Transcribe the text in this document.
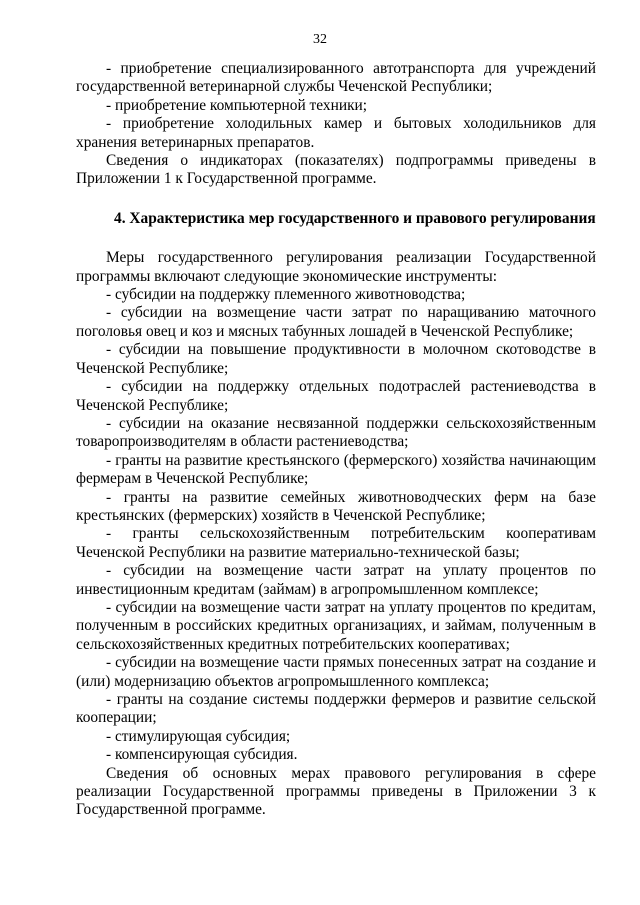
32

- приобретение специализированного автотранспорта для учреждений государственной ветеринарной службы Чеченской Республики;

- приобретение компьютерной техники;

- приобретение холодильных камер и бытовых холодильников для хранения ветеринарных препаратов.

Сведения о индикаторах (показателях) подпрограммы приведены в Приложении 1 к Государственной программе.

4. Характеристика мер государственного и правового регулирования

Меры государственного регулирования реализации Государственной программы включают следующие экономические инструменты:

- субсидии на поддержку племенного животноводства;

- субсидии на возмещение части затрат по наращиванию маточного поголовья овец и коз и мясных табунных лошадей в Чеченской Республике;

- субсидии на повышение продуктивности в молочном скотоводстве в Чеченской Республике;

- субсидии на поддержку отдельных подотраслей растениеводства в Чеченской Республике;

- субсидии на оказание несвязанной поддержки сельскохозяйственным товаропроизводителям в области растениеводства;

- гранты на развитие крестьянского (фермерского) хозяйства начинающим фермерам в Чеченской Республике;

- гранты на развитие семейных животноводческих ферм на базе крестьянских (фермерских) хозяйств в Чеченской Республике;

- гранты сельскохозяйственным потребительским кооперативам Чеченской Республики на развитие материально-технической базы;

- субсидии на возмещение части затрат на уплату процентов по инвестиционным кредитам (займам) в агропромышленном комплексе;

- субсидии на возмещение части затрат на уплату процентов по кредитам, полученным в российских кредитных организациях, и займам, полученным в сельскохозяйственных кредитных потребительских кооперативах;

- субсидии на возмещение части прямых понесенных затрат на создание и (или) модернизацию объектов агропромышленного комплекса;

- гранты на создание системы поддержки фермеров и развитие сельской кооперации;

- стимулирующая субсидия;

- компенсирующая субсидия.

Сведения об основных мерах правового регулирования в сфере реализации Государственной программы приведены в Приложении 3 к Государственной программе.
